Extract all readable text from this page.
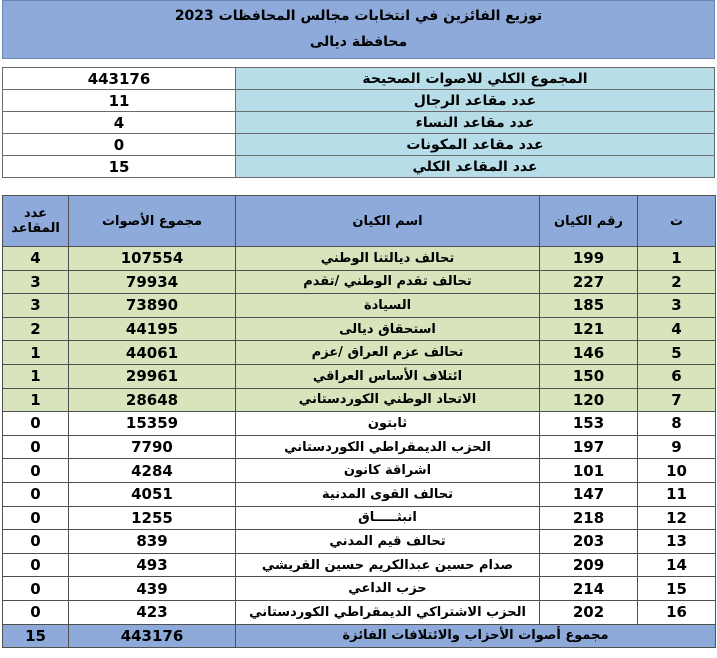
توزيع الفائزين في انتخابات مجالس المحافظات 2023
محافظة ديالى
443176	المجموع الكلي للاصوات الصحيحة
11	عدد مقاعد الرجال
4	عدد مقاعد النساء
0	عدد مقاعد المكونات
15	عدد المقاعد الكلي
عدد المقاعد	مجموع الأصوات	اسم الكيان	رقم الكيان	ت
4	107554	تحالف ديالتنا الوطني	199	1
3	79934	تحالف تقدم الوطني /تقدم	227	2
3	73890	السيادة	185	3
2	44195	استحقاق ديالى	121	4
1	44061	تحالف عزم العراق /عزم	146	5
1	29961	ائتلاف الأساس العراقي	150	6
1	28648	الاتحاد الوطني الكوردستاني	120	7
0	15359	ثابتون	153	8
0	7790	الحزب الديمقراطي الكوردستاني	197	9
0	4284	اشراقة كانون	101	10
0	4051	تحالف القوى المدنية	147	11
0	1255	انبثـــــاق	218	12
0	839	تحالف قيم المدني	203	13
0	493	صدام حسين عبدالكريم حسين القريشي	209	14
0	439	حزب الداعي	214	15
0	423	الحزب الاشتراكي الديمقراطي الكوردستاني	202	16
15	443176	مجموع أصوات الأحزاب والائتلافات الفائزة		
